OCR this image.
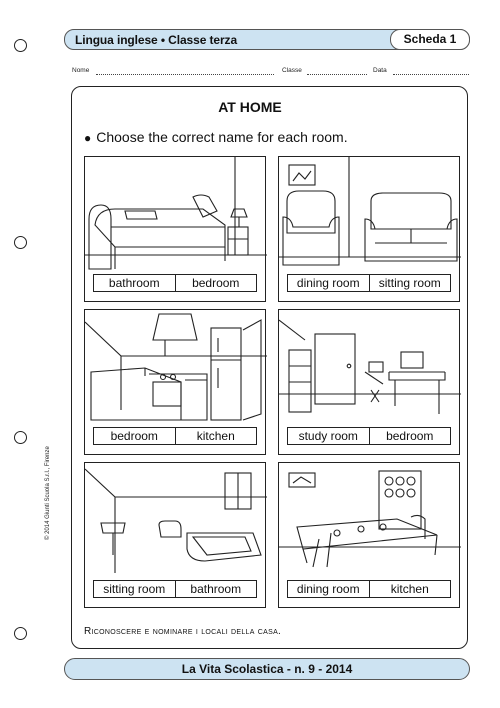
Lingua inglese • Classe terza	Scheda 1
Nome	Classe	Data
AT HOME
● Choose the correct name for each room.
bathroom	bedroom	dining room	sitting room
bedroom	kitchen	study room	bedroom
sitting room	bathroom	dining room	kitchen
Riconoscere e nominare i locali della casa.
La Vita Scolastica - n. 9 - 2014
© 2014 Giunti Scuola S.r.l., Firenze
